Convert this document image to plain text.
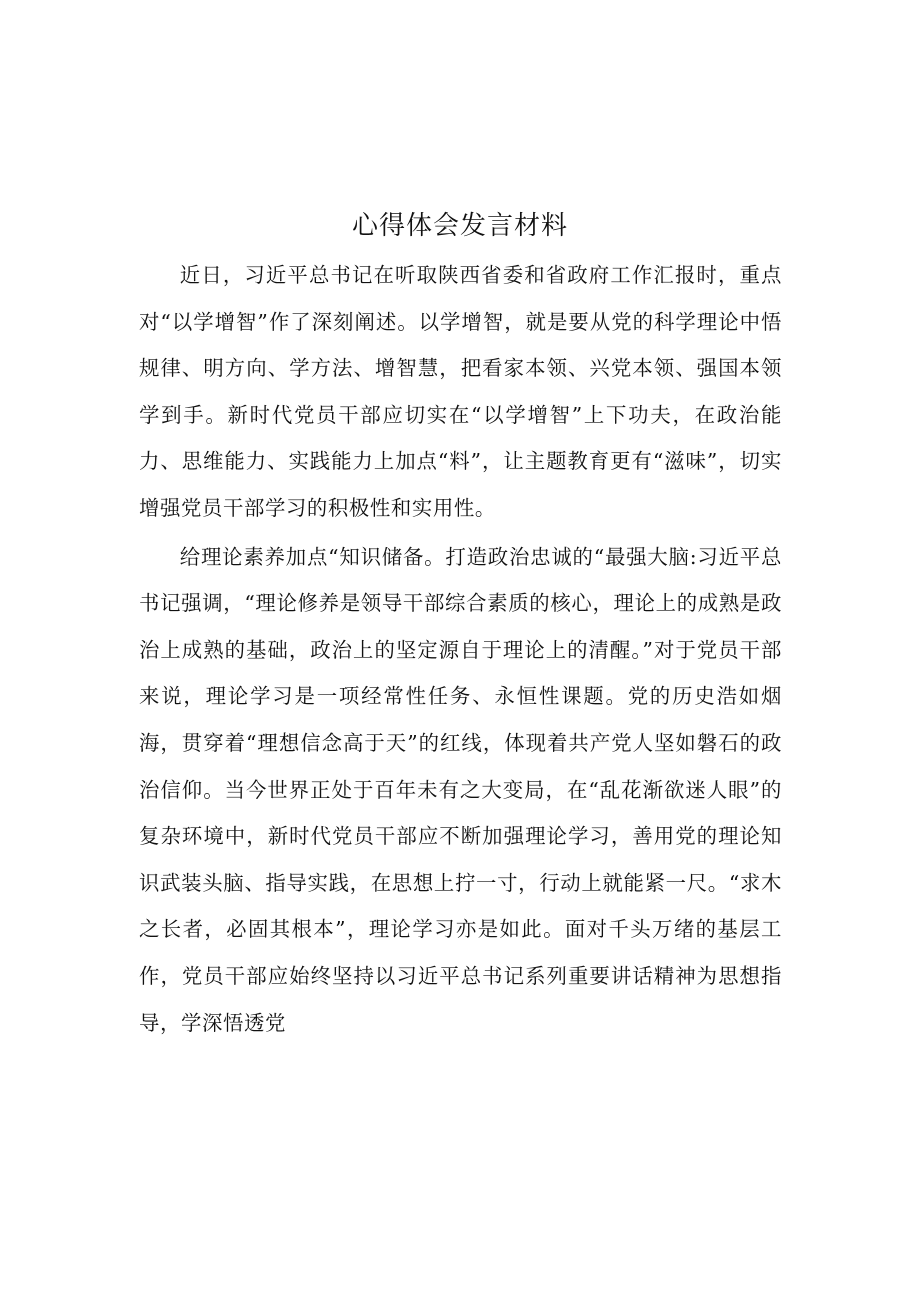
心得体会发言材料

近日，习近平总书记在听取陕西省委和省政府工作汇报时，重点对“以学增智”作了深刻阐述。以学增智，就是要从党的科学理论中悟规律、明方向、学方法、增智慧，把看家本领、兴党本领、强国本领学到手。新时代党员干部应切实在“以学增智”上下功夫，在政治能力、思维能力、实践能力上加点“料”，让主题教育更有“滋味”，切实增强党员干部学习的积极性和实用性。

给理论素养加点“知识储备。打造政治忠诚的“最强大脑:习近平总书记强调，“理论修养是领导干部综合素质的核心，理论上的成熟是政治上成熟的基础，政治上的坚定源自于理论上的清醒。”对于党员干部来说，理论学习是一项经常性任务、永恒性课题。党的历史浩如烟海，贯穿着“理想信念高于天”的红线，体现着共产党人坚如磐石的政治信仰。当今世界正处于百年未有之大变局，在“乱花渐欲迷人眼”的复杂环境中，新时代党员干部应不断加强理论学习，善用党的理论知识武装头脑、指导实践，在思想上拧一寸，行动上就能紧一尺。“求木之长者，必固其根本”，理论学习亦是如此。面对千头万绪的基层工作，党员干部应始终坚持以习近平总书记系列重要讲话精神为思想指导，学深悟透党
